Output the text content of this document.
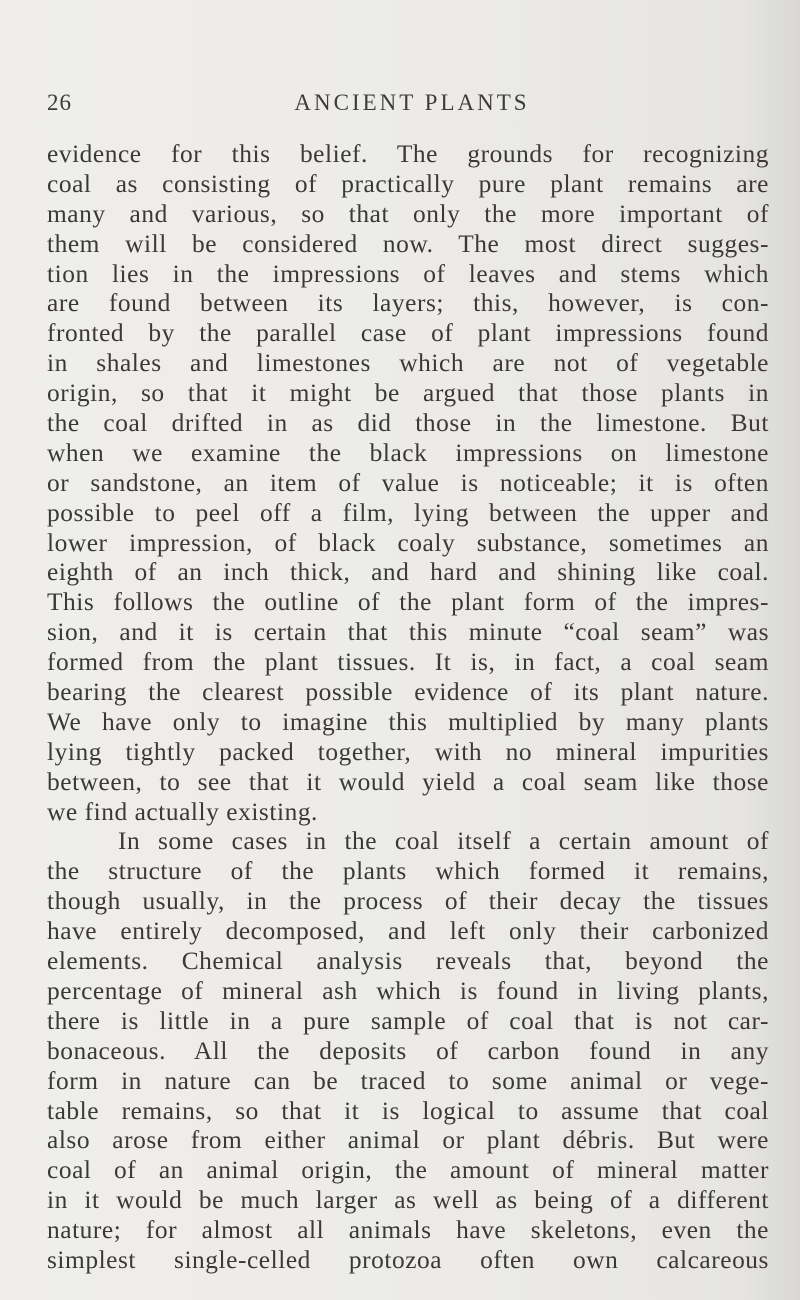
26	ANCIENT PLANTS
evidence for this belief. The grounds for recognizing
coal as consisting of practically pure plant remains are
many and various, so that only the more important of
them will be considered now. The most direct sugges-
tion lies in the impressions of leaves and stems which
are found between its layers; this, however, is con-
fronted by the parallel case of plant impressions found
in shales and limestones which are not of vegetable
origin, so that it might be argued that those plants in
the coal drifted in as did those in the limestone. But
when we examine the black impressions on limestone
or sandstone, an item of value is noticeable; it is often
possible to peel off a film, lying between the upper and
lower impression, of black coaly substance, sometimes an
eighth of an inch thick, and hard and shining like coal.
This follows the outline of the plant form of the impres-
sion, and it is certain that this minute “coal seam” was
formed from the plant tissues. It is, in fact, a coal seam
bearing the clearest possible evidence of its plant nature.
We have only to imagine this multiplied by many plants
lying tightly packed together, with no mineral impurities
between, to see that it would yield a coal seam like those
we find actually existing.
In some cases in the coal itself a certain amount of
the structure of the plants which formed it remains,
though usually, in the process of their decay the tissues
have entirely decomposed, and left only their carbonized
elements. Chemical analysis reveals that, beyond the
percentage of mineral ash which is found in living plants,
there is little in a pure sample of coal that is not car-
bonaceous. All the deposits of carbon found in any
form in nature can be traced to some animal or vege-
table remains, so that it is logical to assume that coal
also arose from either animal or plant débris. But were
coal of an animal origin, the amount of mineral matter
in it would be much larger as well as being of a different
nature; for almost all animals have skeletons, even the
simplest single-celled protozoa often own calcareous
